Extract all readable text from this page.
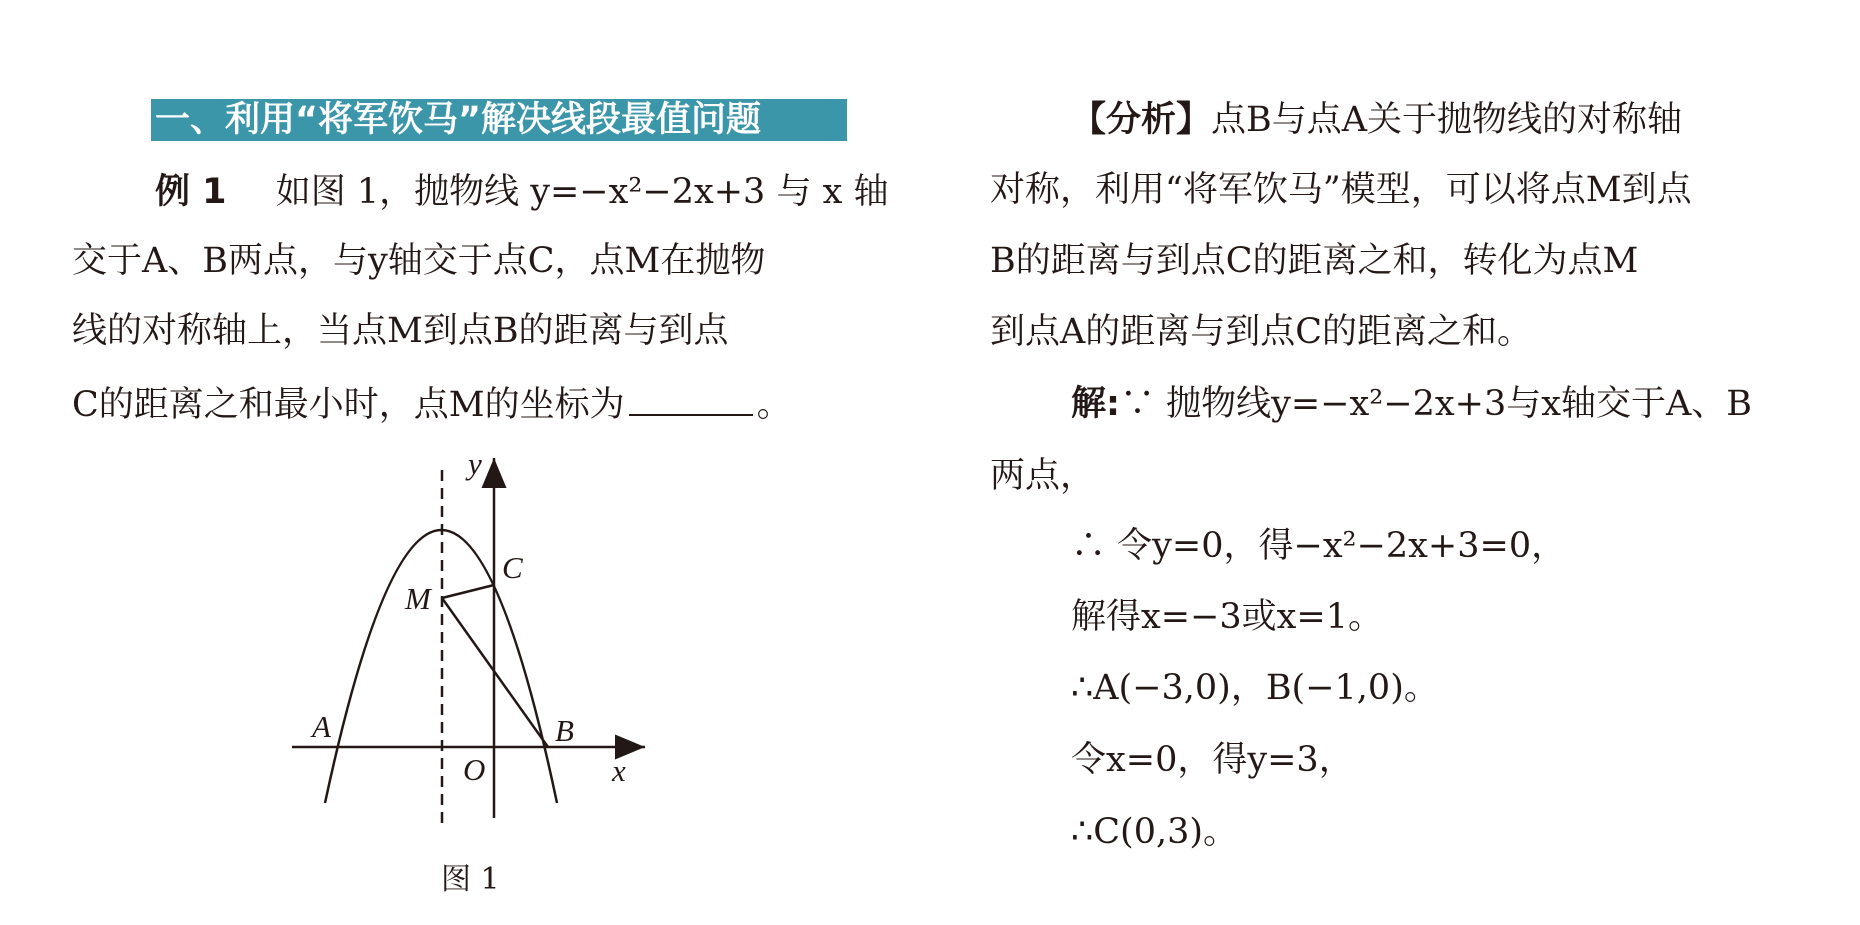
一、利用“将军饮马”解决线段最值问题
例 1 如图 1，抛物线 y=−x²−2x+3 与 x 轴
交于A、B两点，与y轴交于点C，点M在抛物
线的对称轴上，当点M到点B的距离与到点
C的距离之和最小时，点M的坐标为	。
y
x
O
A	B
C
M
图 1
【分析】点B与点A关于抛物线的对称轴
对称，利用“将军饮马”模型，可以将点M到点
B的距离与到点C的距离之和，转化为点M
到点A的距离与到点C的距离之和。
解:∵ 抛物线y=−x²−2x+3与x轴交于A、B
两点，
∴ 令y=0，得−x²−2x+3=0，
解得x=−3或x=1。
∴A(−3,0)，B(−1,0)。
令x=0，得y=3，
∴C(0,3)。
